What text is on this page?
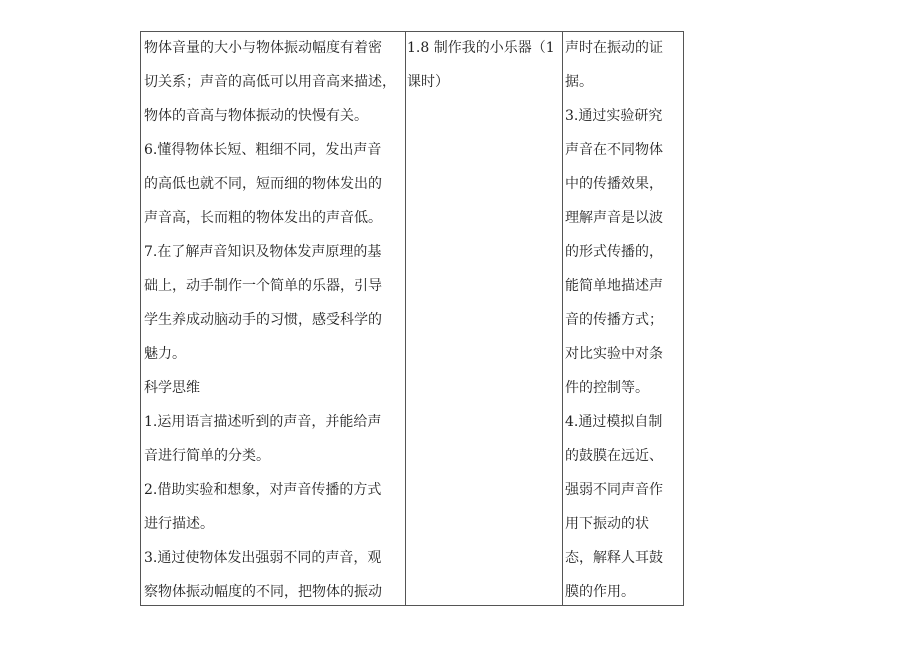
物体音量的大小与物体振动幅度有着密
切关系；声音的高低可以用音高来描述，
物体的音高与物体振动的快慢有关。
6.懂得物体长短、粗细不同，发出声音
的高低也就不同，短而细的物体发出的
声音高，长而粗的物体发出的声音低。
7.在了解声音知识及物体发声原理的基
础上，动手制作一个简单的乐器，引导
学生养成动脑动手的习惯，感受科学的
魅力。
科学思维
1.运用语言描述听到的声音，并能给声
音进行简单的分类。
2.借助实验和想象，对声音传播的方式
进行描述。
3.通过使物体发出强弱不同的声音，观
察物体振动幅度的不同，把物体的振动
1.8 制作我的小乐器（1
课时）
声时在振动的证
据。
3.通过实验研究
声音在不同物体
中的传播效果，
理解声音是以波
的形式传播的，
能简单地描述声
音的传播方式；
对比实验中对条
件的控制等。
4.通过模拟自制
的鼓膜在远近、
强弱不同声音作
用下振动的状
态，解释人耳鼓
膜的作用。
